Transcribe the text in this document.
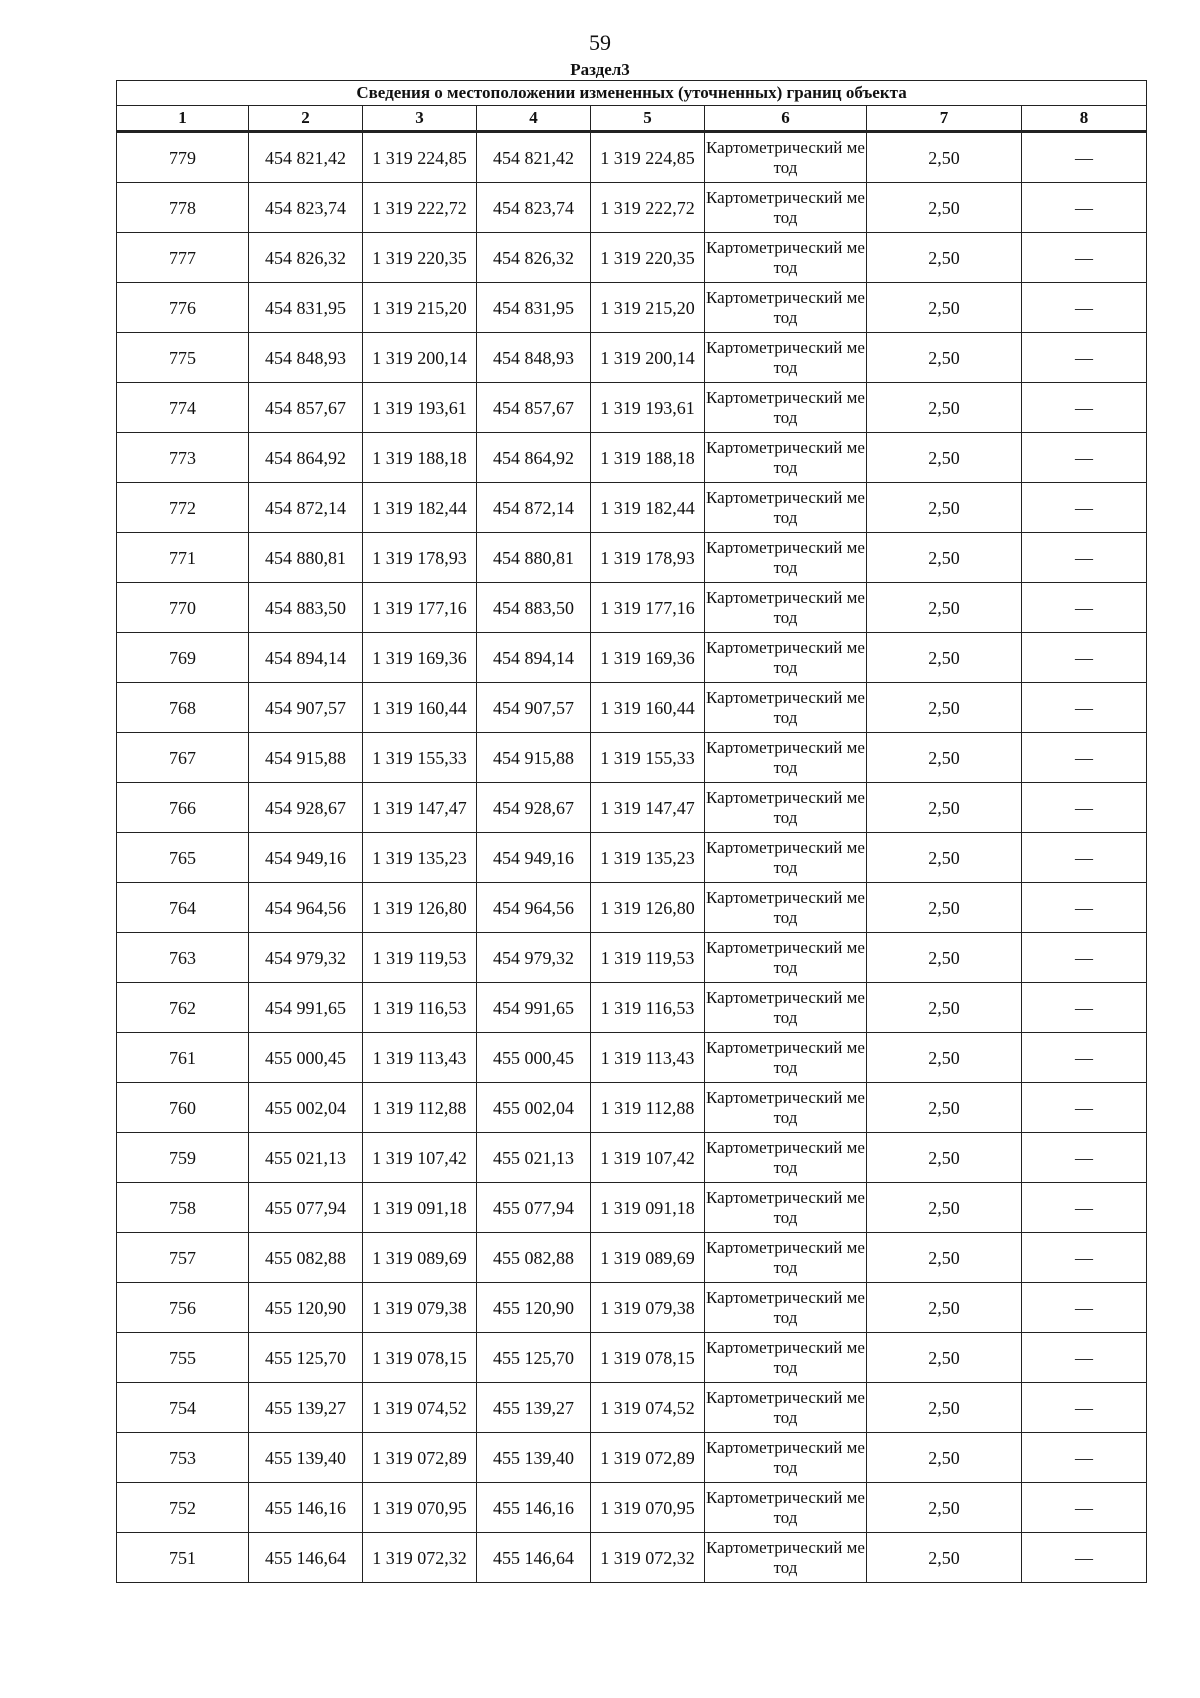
59
Раздел3
Сведения о местоположении измененных (уточненных) границ объекта							
1	2	3	4	5	6	7	8
779	454 821,42	1 319 224,85	454 821,42	1 319 224,85	Картометрический метод	2,50	—
778	454 823,74	1 319 222,72	454 823,74	1 319 222,72	Картометрический метод	2,50	—
777	454 826,32	1 319 220,35	454 826,32	1 319 220,35	Картометрический метод	2,50	—
776	454 831,95	1 319 215,20	454 831,95	1 319 215,20	Картометрический метод	2,50	—
775	454 848,93	1 319 200,14	454 848,93	1 319 200,14	Картометрический метод	2,50	—
774	454 857,67	1 319 193,61	454 857,67	1 319 193,61	Картометрический метод	2,50	—
773	454 864,92	1 319 188,18	454 864,92	1 319 188,18	Картометрический метод	2,50	—
772	454 872,14	1 319 182,44	454 872,14	1 319 182,44	Картометрический метод	2,50	—
771	454 880,81	1 319 178,93	454 880,81	1 319 178,93	Картометрический метод	2,50	—
770	454 883,50	1 319 177,16	454 883,50	1 319 177,16	Картометрический метод	2,50	—
769	454 894,14	1 319 169,36	454 894,14	1 319 169,36	Картометрический метод	2,50	—
768	454 907,57	1 319 160,44	454 907,57	1 319 160,44	Картометрический метод	2,50	—
767	454 915,88	1 319 155,33	454 915,88	1 319 155,33	Картометрический метод	2,50	—
766	454 928,67	1 319 147,47	454 928,67	1 319 147,47	Картометрический метод	2,50	—
765	454 949,16	1 319 135,23	454 949,16	1 319 135,23	Картометрический метод	2,50	—
764	454 964,56	1 319 126,80	454 964,56	1 319 126,80	Картометрический метод	2,50	—
763	454 979,32	1 319 119,53	454 979,32	1 319 119,53	Картометрический метод	2,50	—
762	454 991,65	1 319 116,53	454 991,65	1 319 116,53	Картометрический метод	2,50	—
761	455 000,45	1 319 113,43	455 000,45	1 319 113,43	Картометрический метод	2,50	—
760	455 002,04	1 319 112,88	455 002,04	1 319 112,88	Картометрический метод	2,50	—
759	455 021,13	1 319 107,42	455 021,13	1 319 107,42	Картометрический метод	2,50	—
758	455 077,94	1 319 091,18	455 077,94	1 319 091,18	Картометрический метод	2,50	—
757	455 082,88	1 319 089,69	455 082,88	1 319 089,69	Картометрический метод	2,50	—
756	455 120,90	1 319 079,38	455 120,90	1 319 079,38	Картометрический метод	2,50	—
755	455 125,70	1 319 078,15	455 125,70	1 319 078,15	Картометрический метод	2,50	—
754	455 139,27	1 319 074,52	455 139,27	1 319 074,52	Картометрический метод	2,50	—
753	455 139,40	1 319 072,89	455 139,40	1 319 072,89	Картометрический метод	2,50	—
752	455 146,16	1 319 070,95	455 146,16	1 319 070,95	Картометрический метод	2,50	—
751	455 146,64	1 319 072,32	455 146,64	1 319 072,32	Картометрический метод	2,50	—
